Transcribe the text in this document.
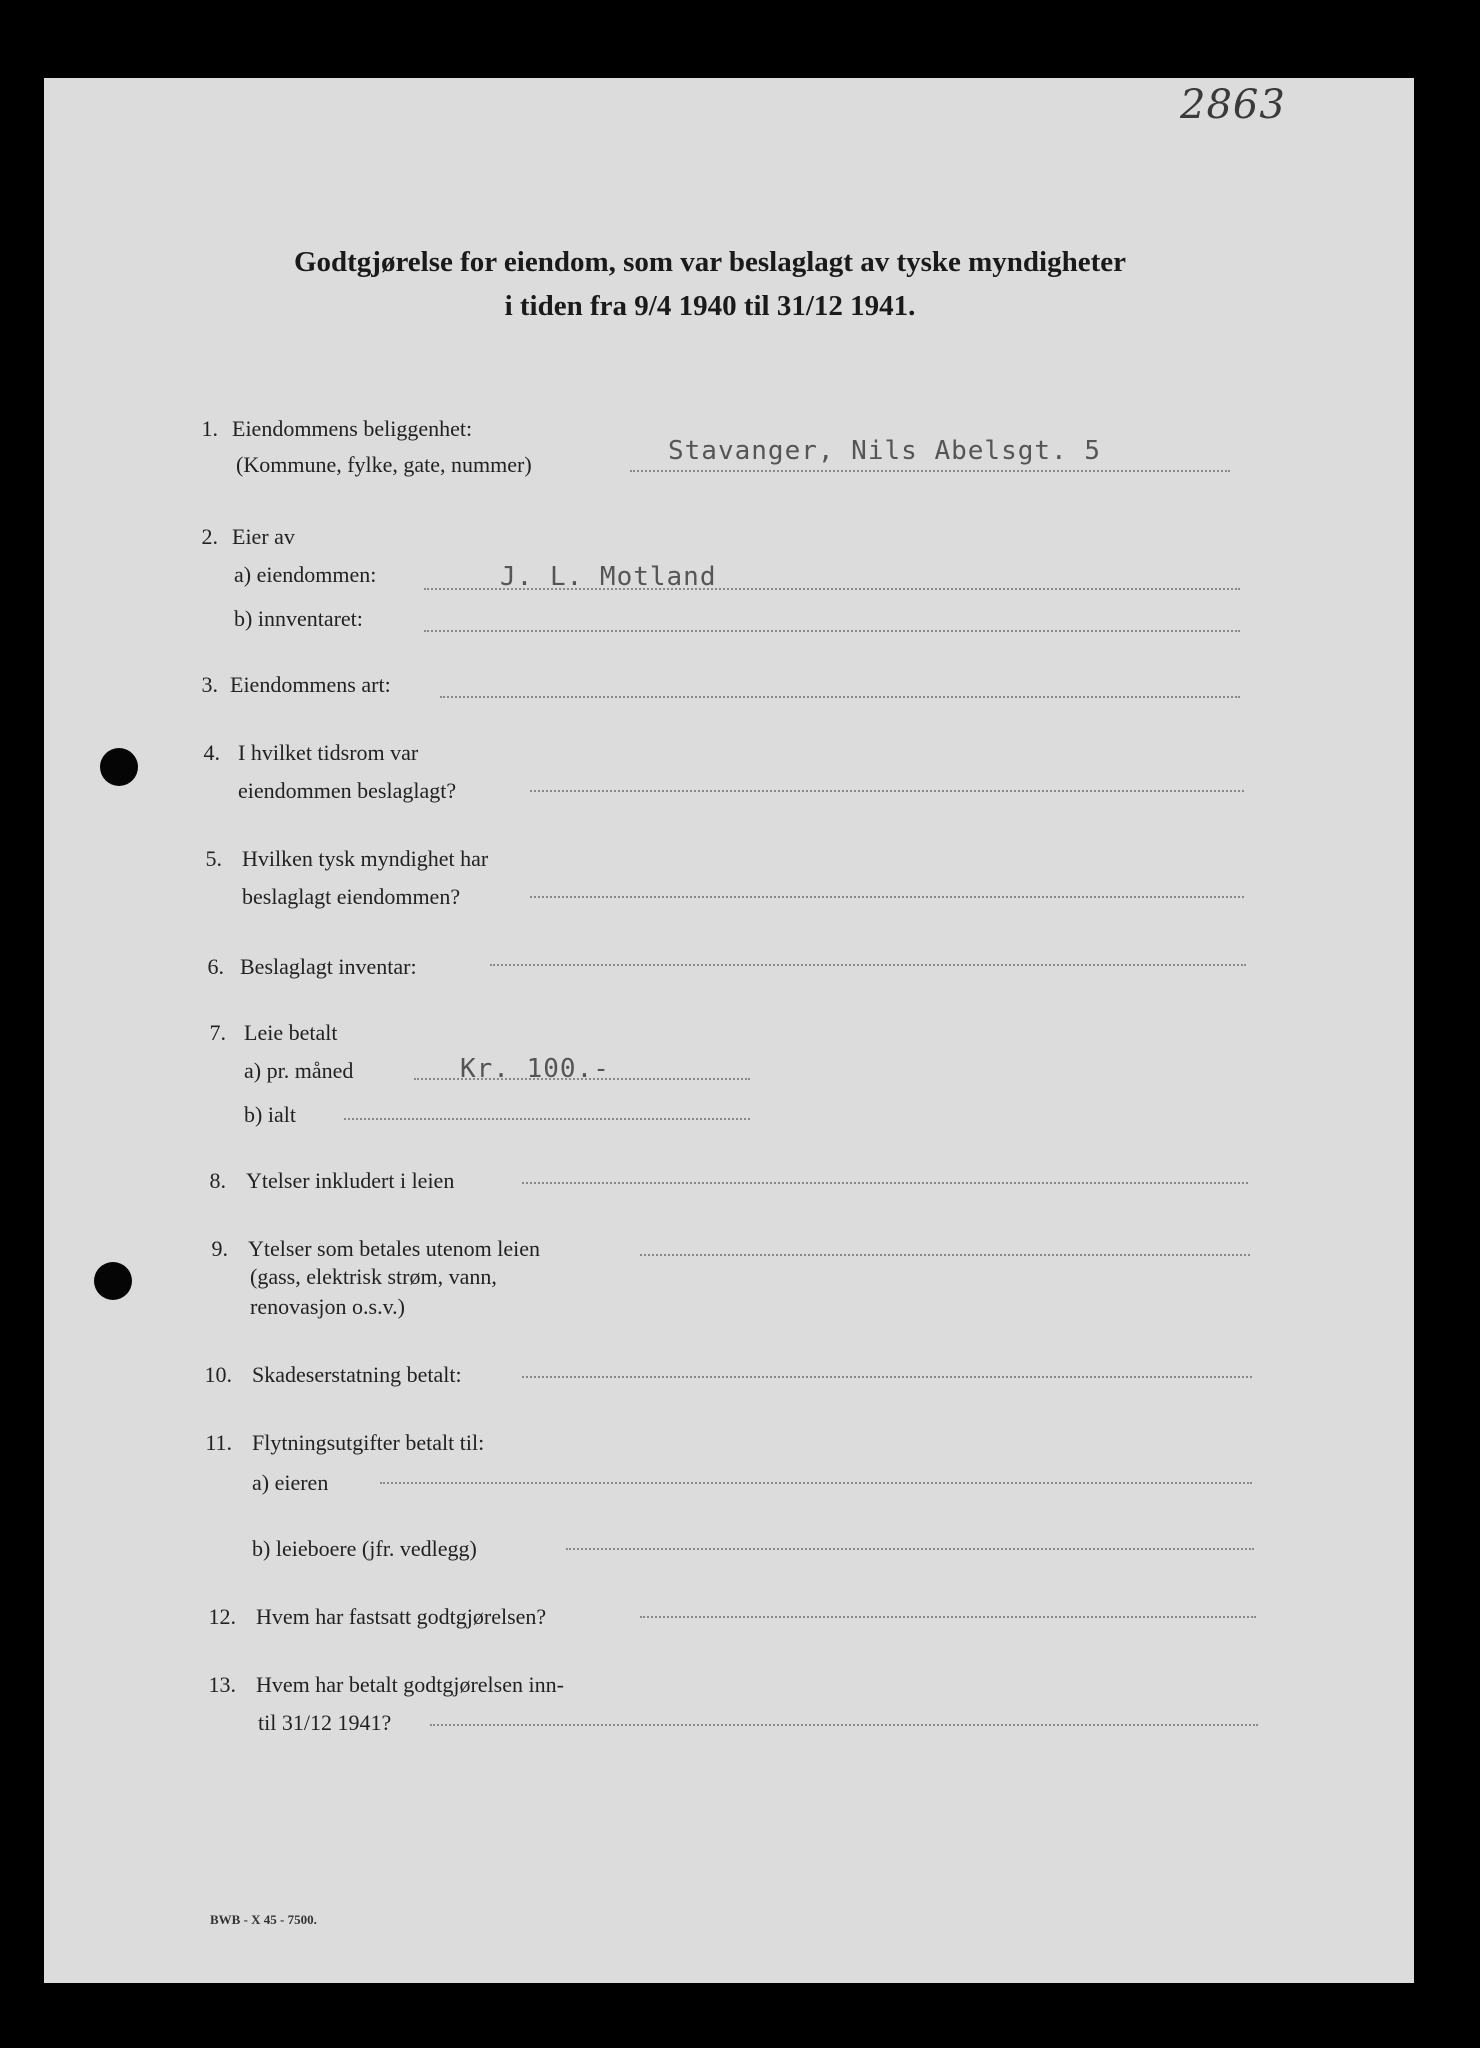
2863
Godtgjørelse for eiendom, som var beslaglagt av tyske myndigheter
i tiden fra 9/4 1940 til 31/12 1941.
1. Eiendommens beliggenhet:
(Kommune, fylke, gate, nummer)	Stavanger, Nils Abelsgt. 5
2. Eier av
a) eiendommen:	J. L. Motland
b) innventaret:
3. Eiendommens art:
4. I hvilket tidsrom var
eiendommen beslaglagt?
5. Hvilken tysk myndighet har
beslaglagt eiendommen?
6. Beslaglagt inventar:
7. Leie betalt
a) pr. måned	Kr. 100.-
b) ialt
8. Ytelser inkludert i leien
9. Ytelser som betales utenom leien
(gass, elektrisk strøm, vann,
renovasjon o.s.v.)
10. Skadeserstatning betalt:
11. Flytningsutgifter betalt til:
a) eieren
b) leieboere (jfr. vedlegg)
12. Hvem har fastsatt godtgjørelsen?
13. Hvem har betalt godtgjørelsen inn-
til 31/12 1941?
BWB - X 45 - 7500.
